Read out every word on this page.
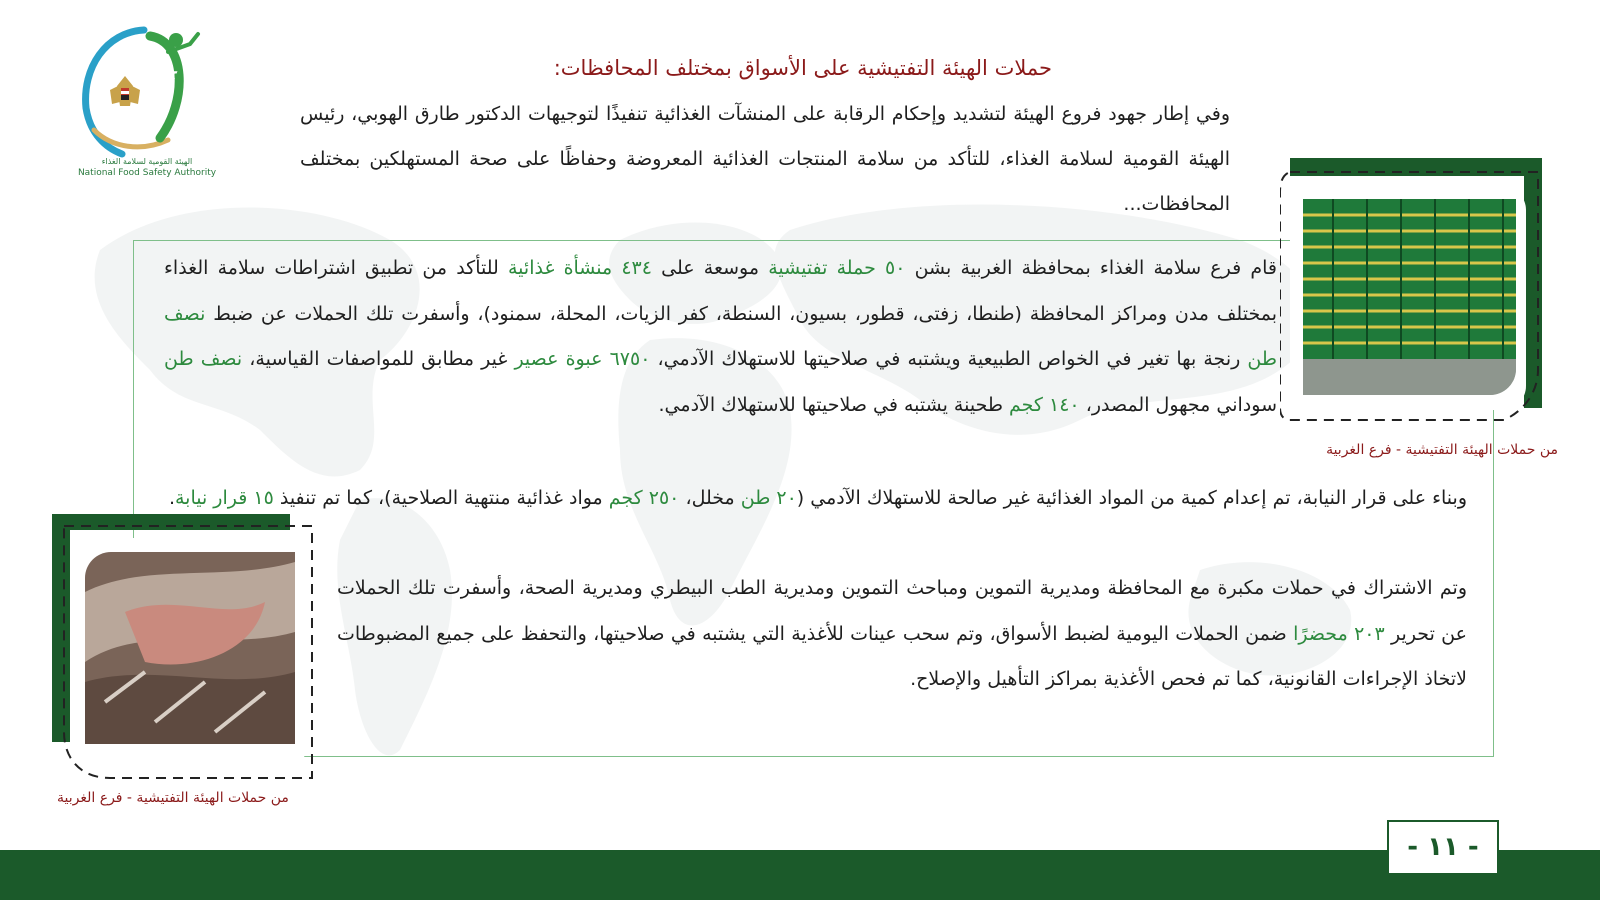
NFSA
الهيئة القومية لسلامة الغذاء
National Food Safety Authority
حملات الهيئة التفتيشية على الأسواق بمختلف المحافظات:
وفي إطار جهود فروع الهيئة لتشديد وإحكام الرقابة على المنشآت الغذائية تنفيذًا لتوجيهات الدكتور طارق الهوبي، رئيس الهيئة القومية لسلامة الغذاء، للتأكد من سلامة المنتجات الغذائية المعروضة وحفاظًا على صحة المستهلكين بمختلف المحافظات...
قام فرع سلامة الغذاء بمحافظة الغربية بشن ٥٠ حملة تفتيشية موسعة على ٤٣٤ منشأة غذائية للتأكد من تطبيق اشتراطات سلامة الغذاء بمختلف مدن ومراكز المحافظة (طنطا، زفتى، قطور، بسيون، السنطة، كفر الزيات، المحلة، سمنود)، وأسفرت تلك الحملات عن ضبط نصف طن رنجة بها تغير في الخواص الطبيعية ويشتبه في صلاحيتها للاستهلاك الآدمي، ٦٧٥٠ عبوة عصير غير مطابق للمواصفات القياسية، نصف طن سوداني مجهول المصدر، ١٤٠ كجم طحينة يشتبه في صلاحيتها للاستهلاك الآدمي.
وبناء على قرار النيابة، تم إعدام كمية من المواد الغذائية غير صالحة للاستهلاك الآدمي (٢٠ طن مخلل، ٢٥٠ كجم مواد غذائية منتهية الصلاحية)، كما تم تنفيذ ١٥ قرار نيابة.
وتم الاشتراك في حملات مكبرة مع المحافظة ومديرية التموين ومباحث التموين ومديرية الطب البيطري ومديرية الصحة، وأسفرت تلك الحملات عن تحرير ٢٠٣ محضرًا ضمن الحملات اليومية لضبط الأسواق، وتم سحب عينات للأغذية التي يشتبه في صلاحيتها، والتحفظ على جميع المضبوطات لاتخاذ الإجراءات القانونية، كما تم فحص الأغذية بمراكز التأهيل والإصلاح.
من حملات الهيئة التفتيشية - فرع الغربية
من حملات الهيئة التفتيشية - فرع الغربية
- ١١ -
